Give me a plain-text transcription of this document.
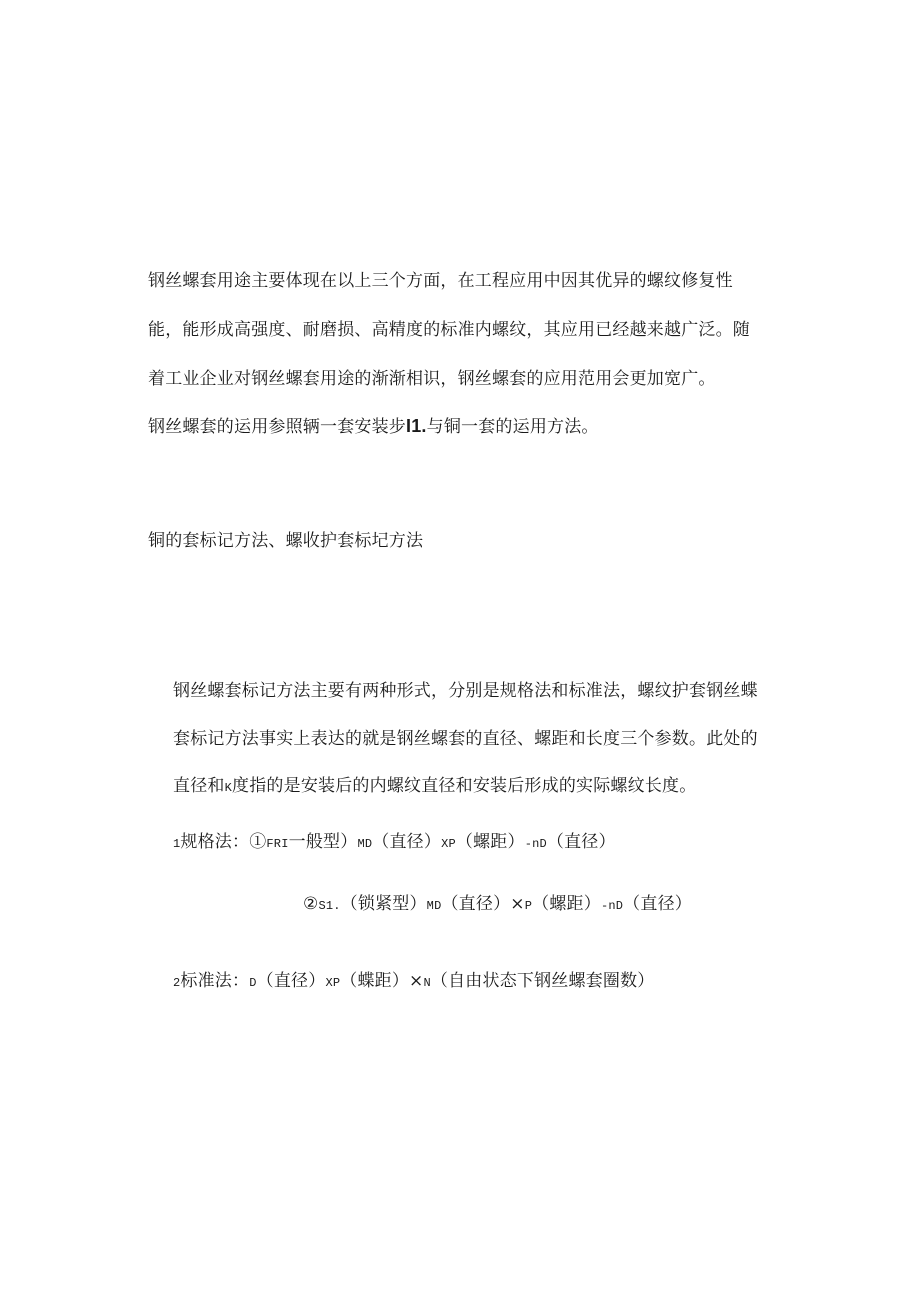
钢丝螺套用途主要体现在以上三个方面，在工程应用中因其优异的螺纹修复性
能，能形成高强度、耐磨损、高精度的标准内螺纹，其应用已经越来越广泛。随
着工业企业对钢丝螺套用途的渐渐相识，钢丝螺套的应用范用会更加宽广。
钢丝螺套的运用参照辆一套安装步I1.与铜一套的运用方法。
铜的套标记方法、螺收护套标圮方法
钢丝螺套标记方法主要有两种形式，分别是规格法和标准法，螺纹护套钢丝蝶
套标记方法事实上表达的就是钢丝螺套的直径、螺距和长度三个参数。此处的
直径和K度指的是安装后的内螺纹直径和安装后形成的实际螺纹长度。
1规格法：①FRI一般型）MD（直径）XP（螺距）-nD（直径）
②S1.（锁紧型）MD（直径）×P（螺距）-nD（直径）
2标准法：D（直径）XP（蝶距）×N（自由状态下钢丝螺套圈数）
